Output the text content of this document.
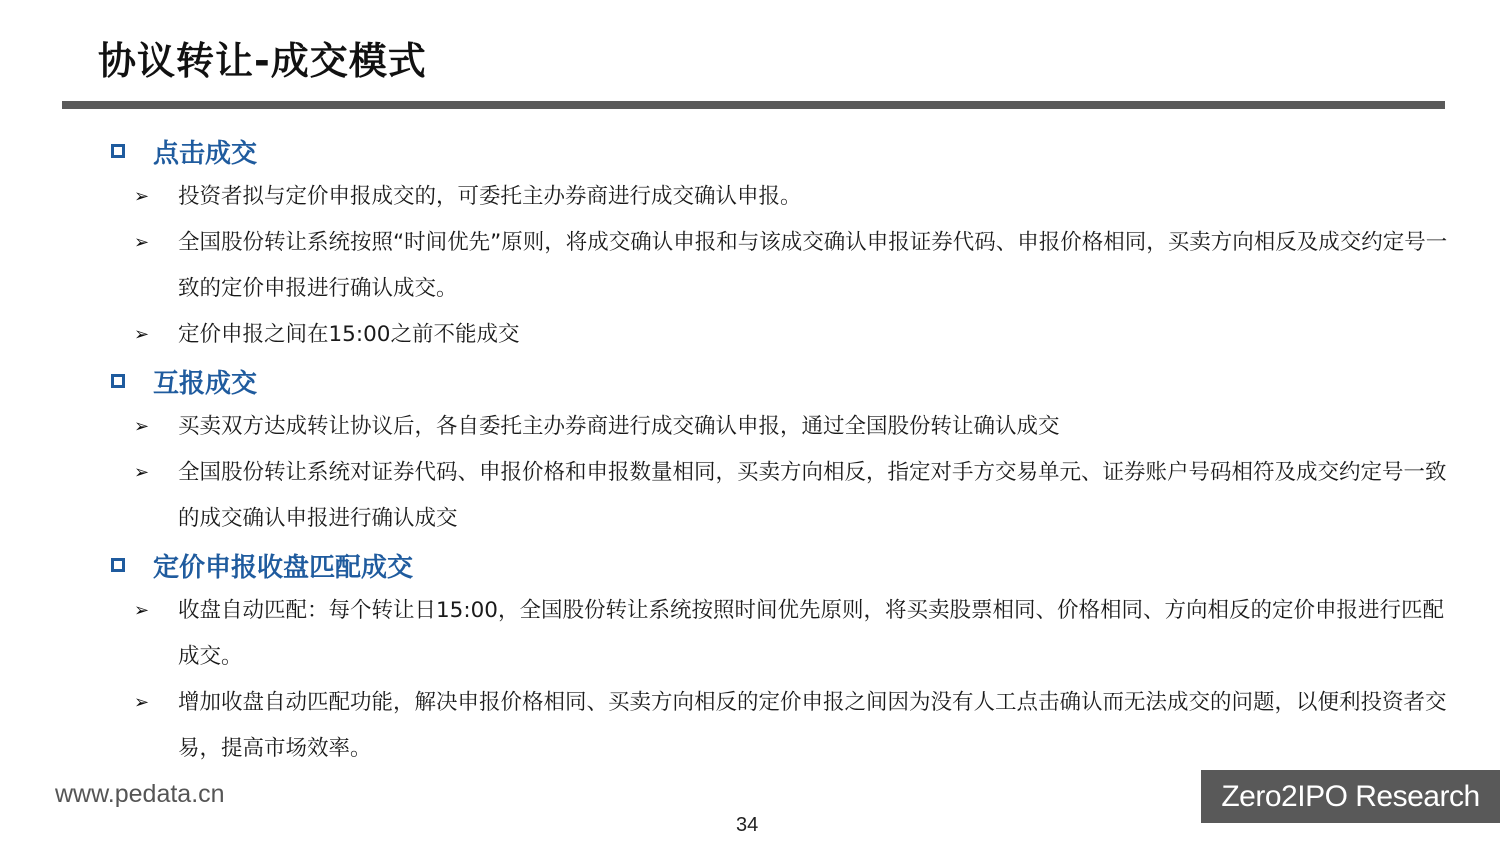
协议转让-成交模式
点击成交
➢ 投资者拟与定价申报成交的，可委托主办券商进行成交确认申报。
➢ 全国股份转让系统按照“时间优先”原则，将成交确认申报和与该成交确认申报证券代码、申报价格相同，买卖方向相反及成交约定号一致的定价申报进行确认成交。
➢ 定价申报之间在15:00之前不能成交
互报成交
➢ 买卖双方达成转让协议后，各自委托主办券商进行成交确认申报，通过全国股份转让确认成交
➢ 全国股份转让系统对证券代码、申报价格和申报数量相同，买卖方向相反，指定对手方交易单元、证券账户号码相符及成交约定号一致的成交确认申报进行确认成交
定价申报收盘匹配成交
➢ 收盘自动匹配：每个转让日15:00，全国股份转让系统按照时间优先原则，将买卖股票相同、价格相同、方向相反的定价申报进行匹配成交。
➢ 增加收盘自动匹配功能，解决申报价格相同、买卖方向相反的定价申报之间因为没有人工点击确认而无法成交的问题，以便利投资者交易，提高市场效率。
www.pedata.cn
34
Zero2IPO Research
